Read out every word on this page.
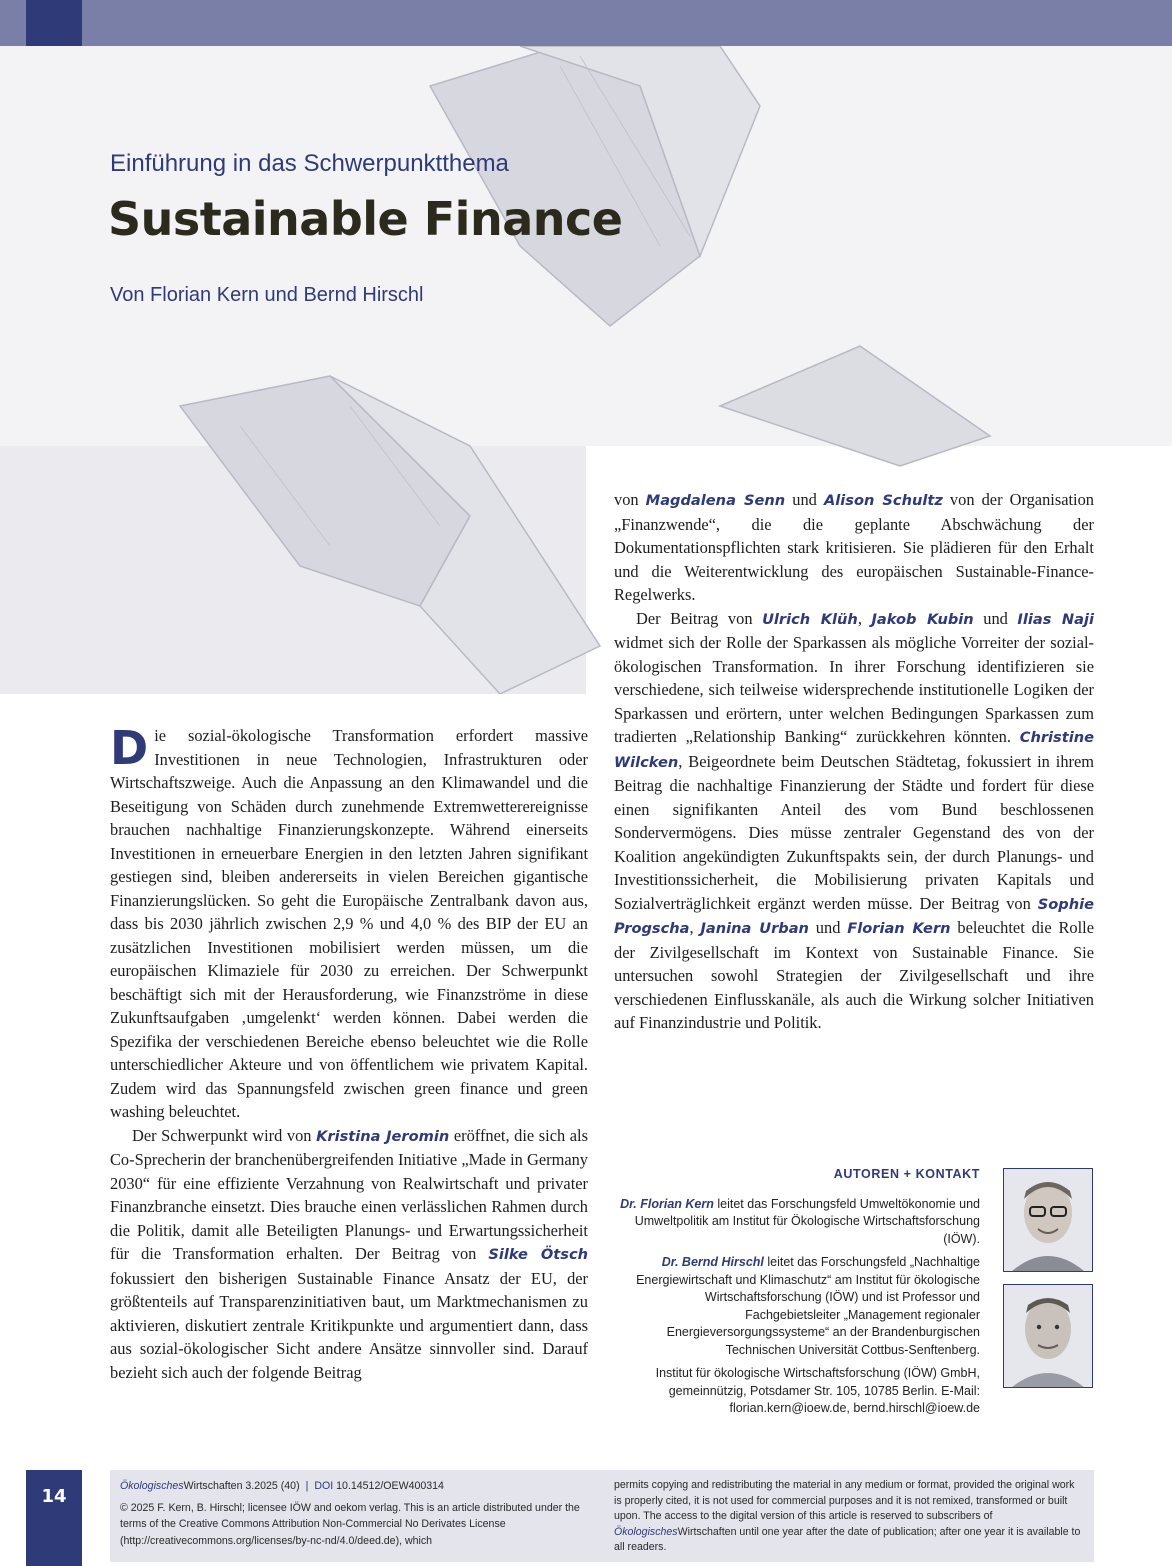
Einführung in das Schwerpunktthema
Sustainable Finance
Von Florian Kern und Bernd Hirschl

Die sozial-ökologische Transformation erfordert massive Investitionen in neue Technologien, Infrastrukturen oder Wirtschaftszweige. Auch die Anpassung an den Klimawandel und die Beseitigung von Schäden durch zunehmende Extremwetterereignisse brauchen nachhaltige Finanzierungskonzepte. Während einerseits Investitionen in erneuerbare Energien in den letzten Jahren signifikant gestiegen sind, bleiben andererseits in vielen Bereichen gigantische Finanzierungslücken. So geht die Europäische Zentralbank davon aus, dass bis 2030 jährlich zwischen 2,9 % und 4,0 % des BIP der EU an zusätzlichen Investitionen mobilisiert werden müssen, um die europäischen Klimaziele für 2030 zu erreichen. Der Schwerpunkt beschäftigt sich mit der Herausforderung, wie Finanzströme in diese Zukunftsaufgaben ‚umgelenkt‘ werden können. Dabei werden die Spezifika der verschiedenen Bereiche ebenso beleuchtet wie die Rolle unterschiedlicher Akteure und von öffentlichem wie privatem Kapital. Zudem wird das Spannungsfeld zwischen green finance und green washing beleuchtet.

Der Schwerpunkt wird von Kristina Jeromin eröffnet, die sich als Co-Sprecherin der branchenübergreifenden Initiative „Made in Germany 2030“ für eine effiziente Verzahnung von Realwirtschaft und privater Finanzbranche einsetzt. Dies brauche einen verlässlichen Rahmen durch die Politik, damit alle Beteiligten Planungs- und Erwartungssicherheit für die Transformation erhalten. Der Beitrag von Silke Ötsch fokussiert den bisherigen Sustainable Finance Ansatz der EU, der größtenteils auf Transparenzinitiativen baut, um Marktmechanismen zu aktivieren, diskutiert zentrale Kritikpunkte und argumentiert dann, dass aus sozial-ökologischer Sicht andere Ansätze sinnvoller sind. Darauf bezieht sich auch der folgende Beitrag

von Magdalena Senn und Alison Schultz von der Organisation „Finanzwende“, die die geplante Abschwächung der Dokumentationspflichten stark kritisieren. Sie plädieren für den Erhalt und die Weiterentwicklung des europäischen Sustainable-Finance-Regelwerks.

Der Beitrag von Ulrich Klüh, Jakob Kubin und Ilias Naji widmet sich der Rolle der Sparkassen als mögliche Vorreiter der sozial-ökologischen Transformation. In ihrer Forschung identifizieren sie verschiedene, sich teilweise widersprechende institutionelle Logiken der Sparkassen und erörtern, unter welchen Bedingungen Sparkassen zum tradierten „Relationship Banking“ zurückkehren könnten. Christine Wilcken, Beigeordnete beim Deutschen Städtetag, fokussiert in ihrem Beitrag die nachhaltige Finanzierung der Städte und fordert für diese einen signifikanten Anteil des vom Bund beschlossenen Sondervermögens. Dies müsse zentraler Gegenstand des von der Koalition angekündigten Zukunftspakts sein, der durch Planungs- und Investitionssicherheit, die Mobilisierung privaten Kapitals und Sozialverträglichkeit ergänzt werden müsse. Der Beitrag von Sophie Progscha, Janina Urban und Florian Kern beleuchtet die Rolle der Zivilgesellschaft im Kontext von Sustainable Finance. Sie untersuchen sowohl Strategien der Zivilgesellschaft und ihre verschiedenen Einflusskanäle, als auch die Wirkung solcher Initiativen auf Finanzindustrie und Politik.

AUTOREN + KONTAKT

Dr. Florian Kern leitet das Forschungsfeld Umweltökonomie und Umweltpolitik am Institut für Ökologische Wirtschaftsforschung (IÖW).

Dr. Bernd Hirschl leitet das Forschungsfeld „Nachhaltige Energiewirtschaft und Klimaschutz“ am Institut für ökologische Wirtschaftsforschung (IÖW) und ist Professor und Fachgebietsleiter „Management regionaler Energieversorgungssysteme“ an der Brandenburgischen Technischen Universität Cottbus-Senftenberg.

Institut für ökologische Wirtschaftsforschung (IÖW) GmbH, gemeinnützig, Potsdamer Str. 105, 10785 Berlin. E-Mail: florian.kern@ioew.de, bernd.hirschl@ioew.de

14	ÖkologischesWirtschaften 3.2025 (40) | DOI 10.14512/OEW400314

© 2025 F. Kern, B. Hirschl; licensee IÖW and oekom verlag. This is an article distributed under the terms of the Creative Commons Attribution Non-Commercial No Derivates License (http://creativecommons.org/licenses/by-nc-nd/4.0/deed.de), which

permits copying and redistributing the material in any medium or format, provided the original work is properly cited, it is not used for commercial purposes and it is not remixed, transformed or built upon. The access to the digital version of this article is reserved to subscribers of ÖkologischesWirtschaften until one year after the date of publication; after one year it is available to all readers.
